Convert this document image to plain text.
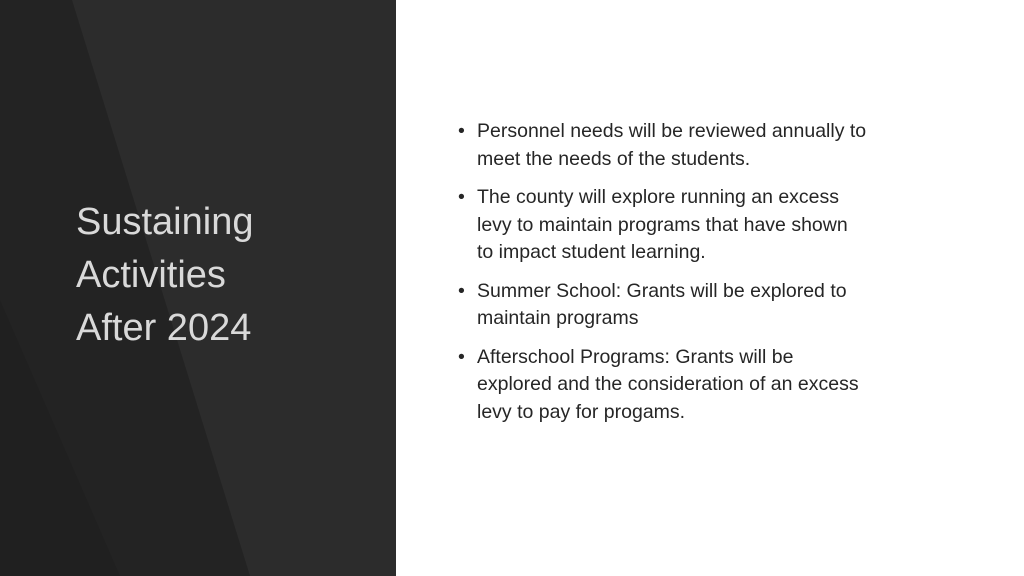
Sustaining
Activities
After 2024
• Personnel needs will be reviewed annually to
meet the needs of the students.
• The county will explore running an excess
levy to maintain programs that have shown
to impact student learning.
• Summer School: Grants will be explored to
maintain programs
• Afterschool Programs: Grants will be
explored and the consideration of an excess
levy to pay for progams.
